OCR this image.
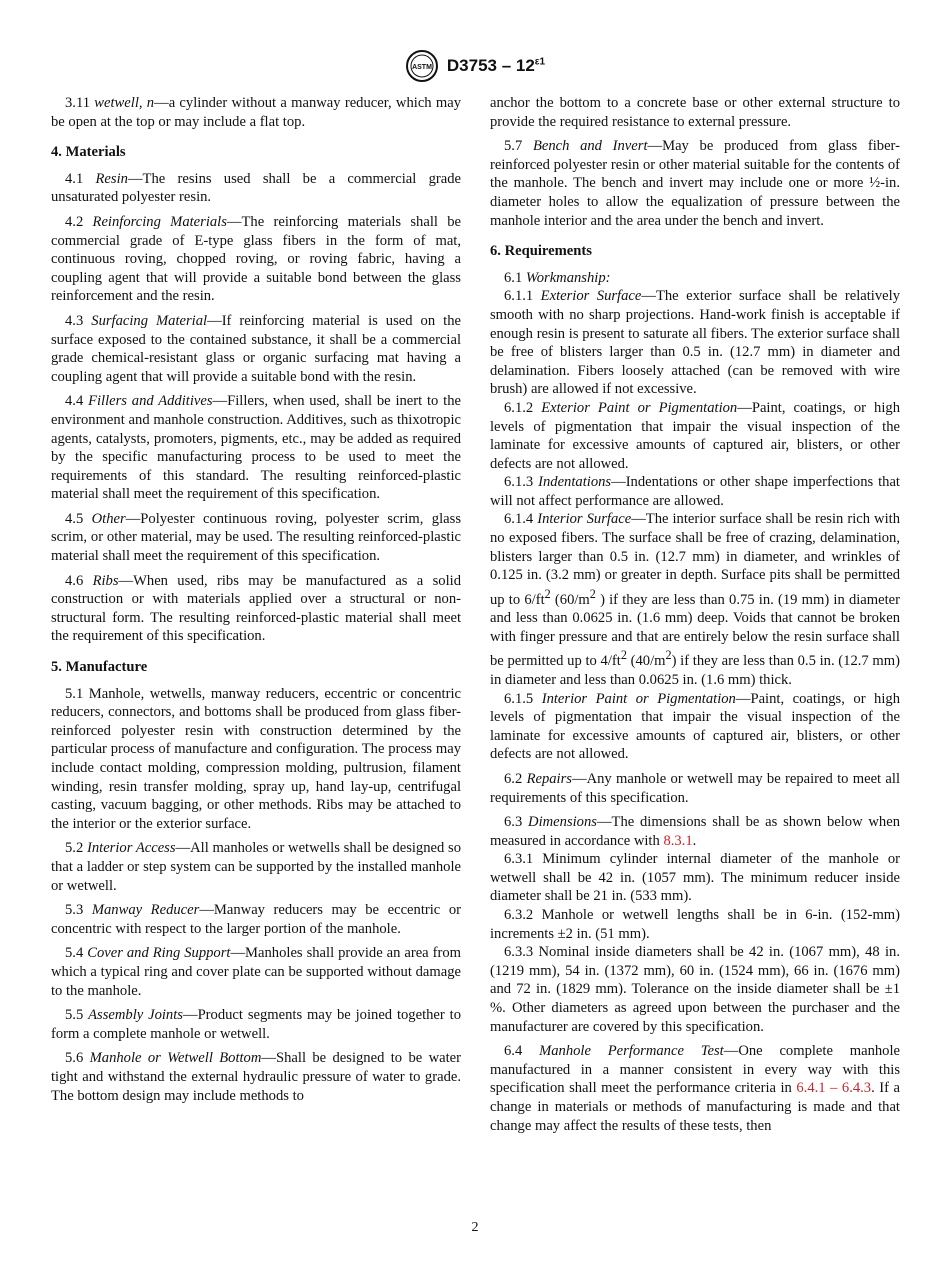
ASTM $D3753 - 12^{\varepsilon 1}$

3.11 wetwell, n—a cylinder without a manway reducer, which may be open at the top or may include a flat top.

4. Materials

4.1 Resin—The resins used shall be a commercial grade unsaturated polyester resin.

4.2 Reinforcing Materials—The reinforcing materials shall be commercial grade of E-type glass fibers in the form of mat, continuous roving, chopped roving, or roving fabric, having a coupling agent that will provide a suitable bond between the glass reinforcement and the resin.

4.3 Surfacing Material—If reinforcing material is used on the surface exposed to the contained substance, it shall be a commercial grade chemical-resistant glass or organic surfacing mat having a coupling agent that will provide a suitable bond with the resin.

4.4 Fillers and Additives—Fillers, when used, shall be inert to the environment and manhole construction. Additives, such as thixotropic agents, catalysts, promoters, pigments, etc., may be added as required by the specific manufacturing process to be used to meet the requirements of this standard. The resulting reinforced-plastic material shall meet the requirement of this specification.

4.5 Other—Polyester continuous roving, polyester scrim, glass scrim, or other material, may be used. The resulting reinforced-plastic material shall meet the requirement of this specification.

4.6 Ribs—When used, ribs may be manufactured as a solid construction or with materials applied over a structural or non-structural form. The resulting reinforced-plastic material shall meet the requirement of this specification.

5. Manufacture

5.1 Manhole, wetwells, manway reducers, eccentric or concentric reducers, connectors, and bottoms shall be produced from glass fiber-reinforced polyester resin with construction determined by the particular process of manufacture and configuration. The process may include contact molding, compression molding, pultrusion, filament winding, resin transfer molding, spray up, hand lay-up, centrifugal casting, vacuum bagging, or other methods. Ribs may be attached to the interior or the exterior surface.

5.2 Interior Access—All manholes or wetwells shall be designed so that a ladder or step system can be supported by the installed manhole or wetwell.

5.3 Manway Reducer—Manway reducers may be eccentric or concentric with respect to the larger portion of the manhole.

5.4 Cover and Ring Support—Manholes shall provide an area from which a typical ring and cover plate can be supported without damage to the manhole.

5.5 Assembly Joints—Product segments may be joined together to form a complete manhole or wetwell.

5.6 Manhole or Wetwell Bottom—Shall be designed to be water tight and withstand the external hydraulic pressure of water to grade. The bottom design may include methods to

anchor the bottom to a concrete base or other external structure to provide the required resistance to external pressure.

5.7 Bench and Invert—May be produced from glass fiber-reinforced polyester resin or other material suitable for the contents of the manhole. The bench and invert may include one or more ½-in. diameter holes to allow the equalization of pressure between the manhole interior and the area under the bench and invert.

6. Requirements

6.1 Workmanship:

6.1.1 Exterior Surface—The exterior surface shall be relatively smooth with no sharp projections. Hand-work finish is acceptable if enough resin is present to saturate all fibers. The exterior surface shall be free of blisters larger than 0.5 in. (12.7 mm) in diameter and delamination. Fibers loosely attached (can be removed with wire brush) are allowed if not excessive.

6.1.2 Exterior Paint or Pigmentation—Paint, coatings, or high levels of pigmentation that impair the visual inspection of the laminate for excessive amounts of captured air, blisters, or other defects are not allowed.

6.1.3 Indentations—Indentations or other shape imperfections that will not affect performance are allowed.

6.1.4 Interior Surface—The interior surface shall be resin rich with no exposed fibers. The surface shall be free of crazing, delamination, blisters larger than 0.5 in. (12.7 mm) in diameter, and wrinkles of 0.125 in. (3.2 mm) or greater in depth. Surface pits shall be permitted up to $6/ft^2$ ($60/m^2$ ) if they are less than 0.75 in. (19 mm) in diameter and less than 0.0625 in. (1.6 mm) deep. Voids that cannot be broken with finger pressure and that are entirely below the resin surface shall be permitted up to $4/ft^2$ $(40/m^2)$ if they are less than 0.5 in. (12.7 mm) in diameter and less than 0.0625 in. (1.6 mm) thick.

6.1.5 Interior Paint or Pigmentation—Paint, coatings, or high levels of pigmentation that impair the visual inspection of the laminate for excessive amounts of captured air, blisters, or other defects are not allowed.

6.2 Repairs—Any manhole or wetwell may be repaired to meet all requirements of this specification.

6.3 Dimensions—The dimensions shall be as shown below when measured in accordance with 8.3.1.

6.3.1 Minimum cylinder internal diameter of the manhole or wetwell shall be 42 in. (1057 mm). The minimum reducer inside diameter shall be 21 in. (533 mm).

6.3.2 Manhole or wetwell lengths shall be in 6-in. (152-mm) increments ±2 in. (51 mm).

6.3.3 Nominal inside diameters shall be 42 in. (1067 mm), 48 in. (1219 mm), 54 in. (1372 mm), 60 in. (1524 mm), 66 in. (1676 mm) and 72 in. (1829 mm). Tolerance on the inside diameter shall be ±1 %. Other diameters as agreed upon between the purchaser and the manufacturer are covered by this specification.

6.4 Manhole Performance Test—One complete manhole manufactured in a manner consistent in every way with this specification shall meet the performance criteria in 6.4.1 – 6.4.3. If a change in materials or methods of manufacturing is made and that change may affect the results of these tests, then

2
